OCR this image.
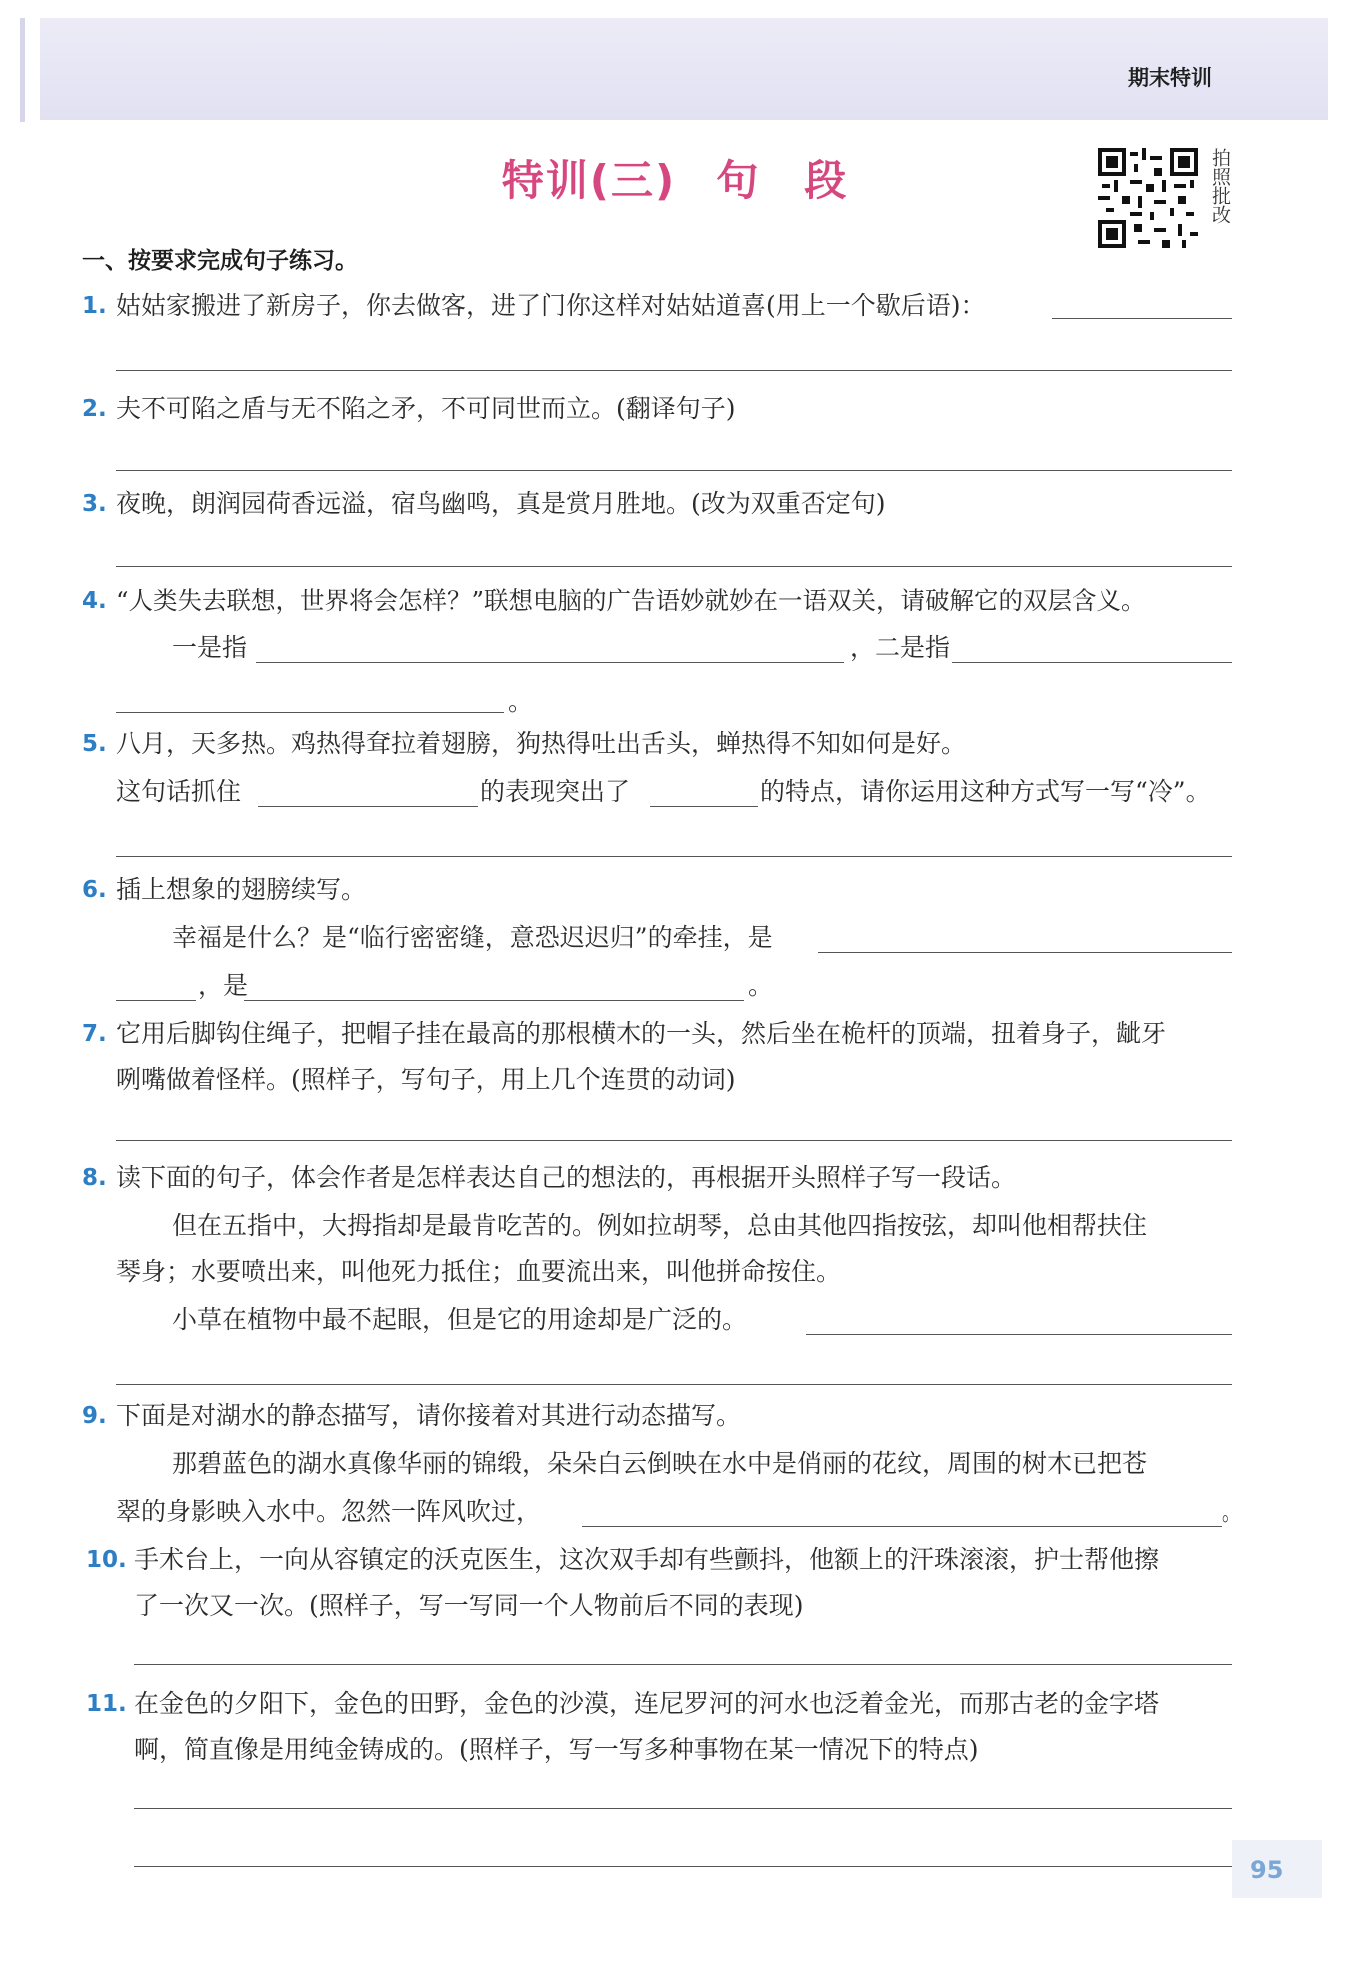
期末特训
特训(三) 句　段	拍照批改
一、按要求完成句子练习。
1. 姑姑家搬进了新房子，你去做客，进了门你这样对姑姑道喜(用上一个歇后语)：
2. 夫不可陷之盾与无不陷之矛，不可同世而立。(翻译句子)
3. 夜晚，朗润园荷香远溢，宿鸟幽鸣，真是赏月胜地。(改为双重否定句)
4. “人类失去联想，世界将会怎样？”联想电脑的广告语妙就妙在一语双关，请破解它的双层含义。
一是指	，二是指
。
5. 八月，天多热。鸡热得耷拉着翅膀，狗热得吐出舌头，蝉热得不知如何是好。
这句话抓住	的表现突出了	的特点，请你运用这种方式写一写“冷”。
6. 插上想象的翅膀续写。
幸福是什么？是“临行密密缝，意恐迟迟归”的牵挂，是
，是	。
7. 它用后脚钩住绳子，把帽子挂在最高的那根横木的一头，然后坐在桅杆的顶端，扭着身子，龇牙
咧嘴做着怪样。(照样子，写句子，用上几个连贯的动词)
8. 读下面的句子，体会作者是怎样表达自己的想法的，再根据开头照样子写一段话。
但在五指中，大拇指却是最肯吃苦的。例如拉胡琴，总由其他四指按弦，却叫他相帮扶住
琴身；水要喷出来，叫他死力抵住；血要流出来，叫他拼命按住。
小草在植物中最不起眼，但是它的用途却是广泛的。
9. 下面是对湖水的静态描写，请你接着对其进行动态描写。
那碧蓝色的湖水真像华丽的锦缎，朵朵白云倒映在水中是俏丽的花纹，周围的树木已把苍
翠的身影映入水中。忽然一阵风吹过，	。
10. 手术台上，一向从容镇定的沃克医生，这次双手却有些颤抖，他额上的汗珠滚滚，护士帮他擦
了一次又一次。(照样子，写一写同一个人物前后不同的表现)
11. 在金色的夕阳下，金色的田野，金色的沙漠，连尼罗河的河水也泛着金光，而那古老的金字塔
啊，简直像是用纯金铸成的。(照样子，写一写多种事物在某一情况下的特点)
95
